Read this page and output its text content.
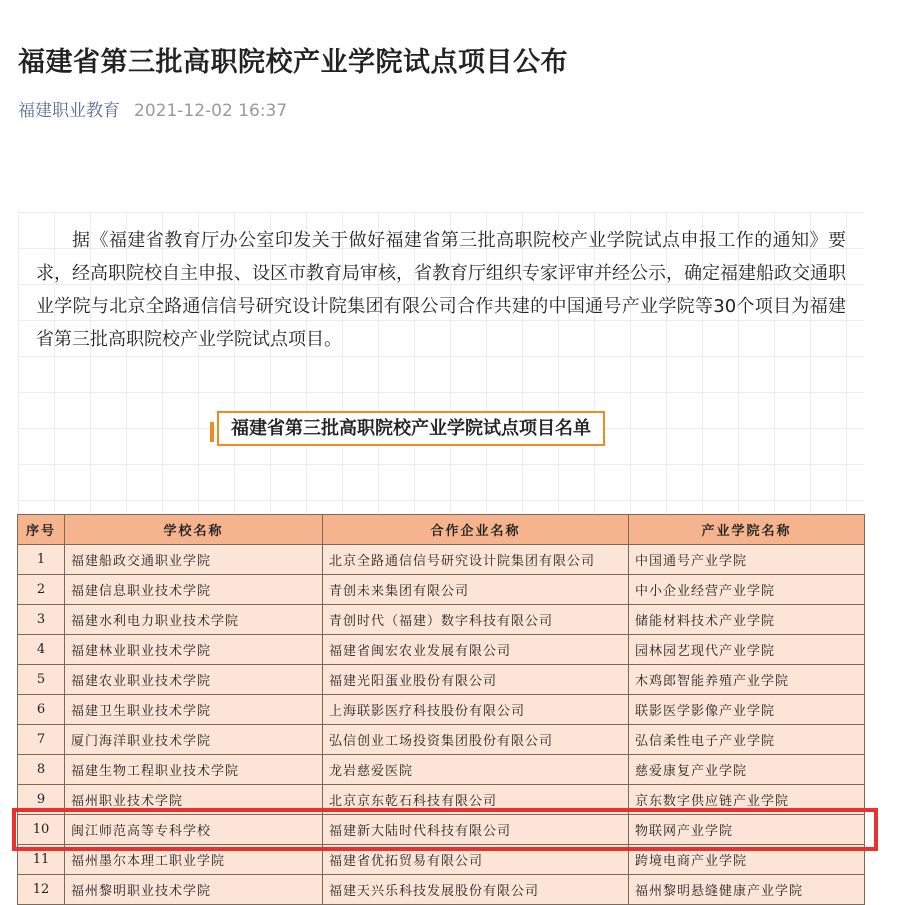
福建省第三批高职院校产业学院试点项目公布
福建职业教育 2021-12-02 16:37

据《福建省教育厅办公室印发关于做好福建省第三批高职院校产业学院试点申报工作的通知》要求，经高职院校自主申报、设区市教育局审核，省教育厅组织专家评审并经公示，确定福建船政交通职业学院与北京全路通信信号研究设计院集团有限公司合作共建的中国通号产业学院等30个项目为福建省第三批高职院校产业学院试点项目。

福建省第三批高职院校产业学院试点项目名单
序号	学校名称	合作企业名称	产业学院名称
1	福建船政交通职业学院	北京全路通信信号研究设计院集团有限公司	中国通号产业学院
2	福建信息职业技术学院	青创未来集团有限公司	中小企业经营产业学院
3	福建水利电力职业技术学院	青创时代（福建）数字科技有限公司	储能材料技术产业学院
4	福建林业职业技术学院	福建省闽宏农业发展有限公司	园林园艺现代产业学院
5	福建农业职业技术学院	福建光阳蛋业股份有限公司	木鸡郎智能养殖产业学院
6	福建卫生职业技术学院	上海联影医疗科技股份有限公司	联影医学影像产业学院
7	厦门海洋职业技术学院	弘信创业工场投资集团股份有限公司	弘信柔性电子产业学院
8	福建生物工程职业技术学院	龙岩慈爱医院	慈爱康复产业学院
9	福州职业技术学院	北京京东乾石科技有限公司	京东数字供应链产业学院
10	闽江师范高等专科学校	福建新大陆时代科技有限公司	物联网产业学院
11	福州墨尔本理工职业学院	福建省优拓贸易有限公司	跨境电商产业学院
12	福州黎明职业技术学院	福建天兴乐科技发展股份有限公司	福州黎明悬缝健康产业学院
